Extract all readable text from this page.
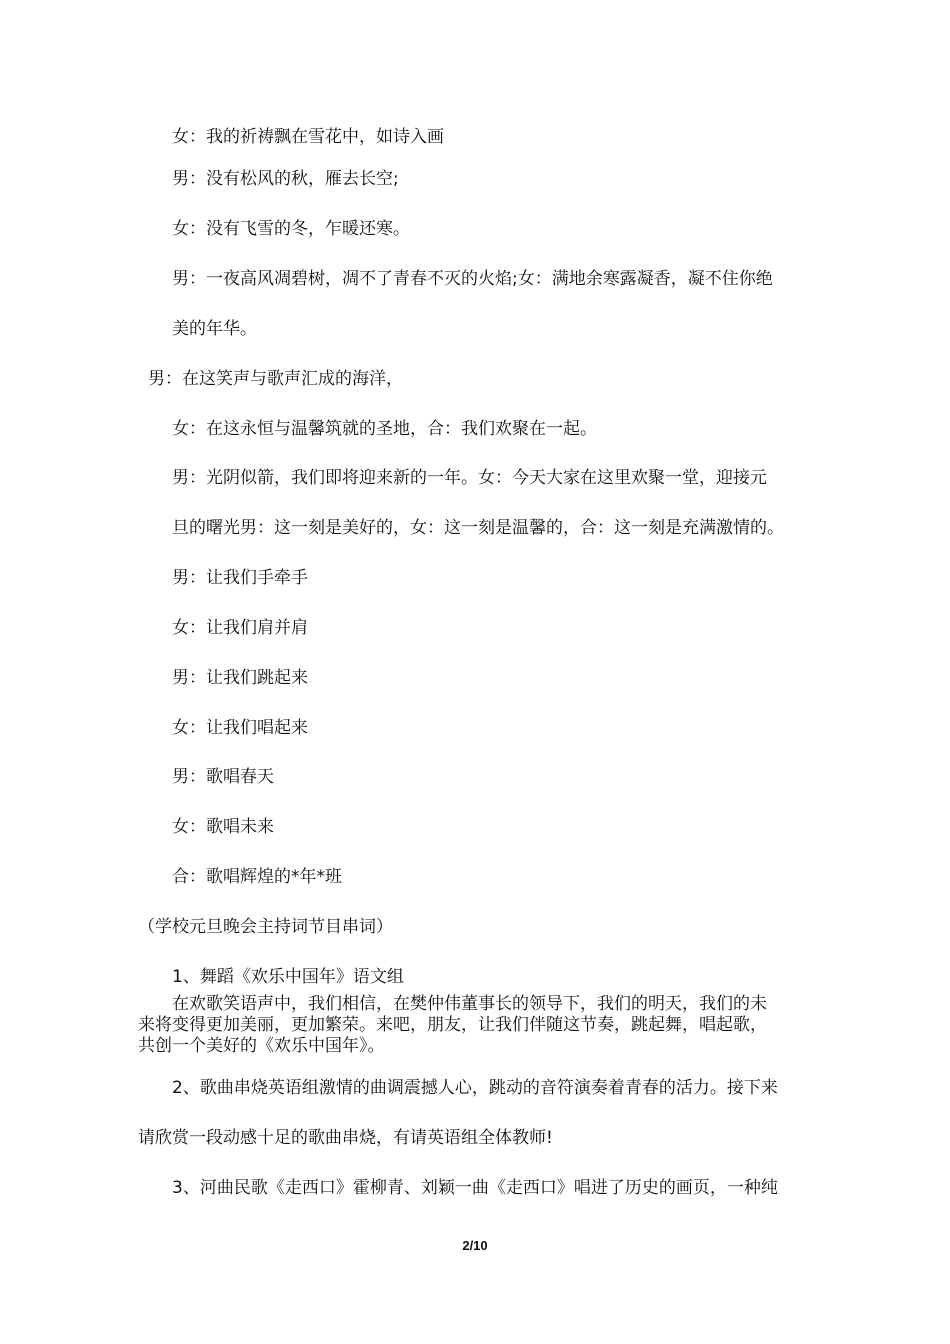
女：我的祈祷飘在雪花中，如诗入画
男：没有松风的秋，雁去长空;
女：没有飞雪的冬，乍暖还寒。
男：一夜高风凋碧树，凋不了青春不灭的火焰;女：满地余寒露凝香，凝不住你绝
美的年华。
男：在这笑声与歌声汇成的海洋，
女：在这永恒与温馨筑就的圣地，合：我们欢聚在一起。
男：光阴似箭，我们即将迎来新的一年。女：今天大家在这里欢聚一堂，迎接元
旦的曙光男：这一刻是美好的，女：这一刻是温馨的，合：这一刻是充满激情的。
男：让我们手牵手
女：让我们肩并肩
男：让我们跳起来
女：让我们唱起来
男：歌唱春天
女：歌唱未来
合：歌唱辉煌的*年*班
（学校元旦晚会主持词节目串词）
1、舞蹈《欢乐中国年》语文组
在欢歌笑语声中，我们相信，在樊仲伟董事长的领导下，我们的明天，我们的未
来将变得更加美丽，更加繁荣。来吧，朋友，让我们伴随这节奏，跳起舞，唱起歌，
共创一个美好的《欢乐中国年》。
2、歌曲串烧英语组激情的曲调震撼人心，跳动的音符演奏着青春的活力。接下来
请欣赏一段动感十足的歌曲串烧，有请英语组全体教师!
3、河曲民歌《走西口》霍柳青、刘颖一曲《走西口》唱进了历史的画页，一种纯
2/10
